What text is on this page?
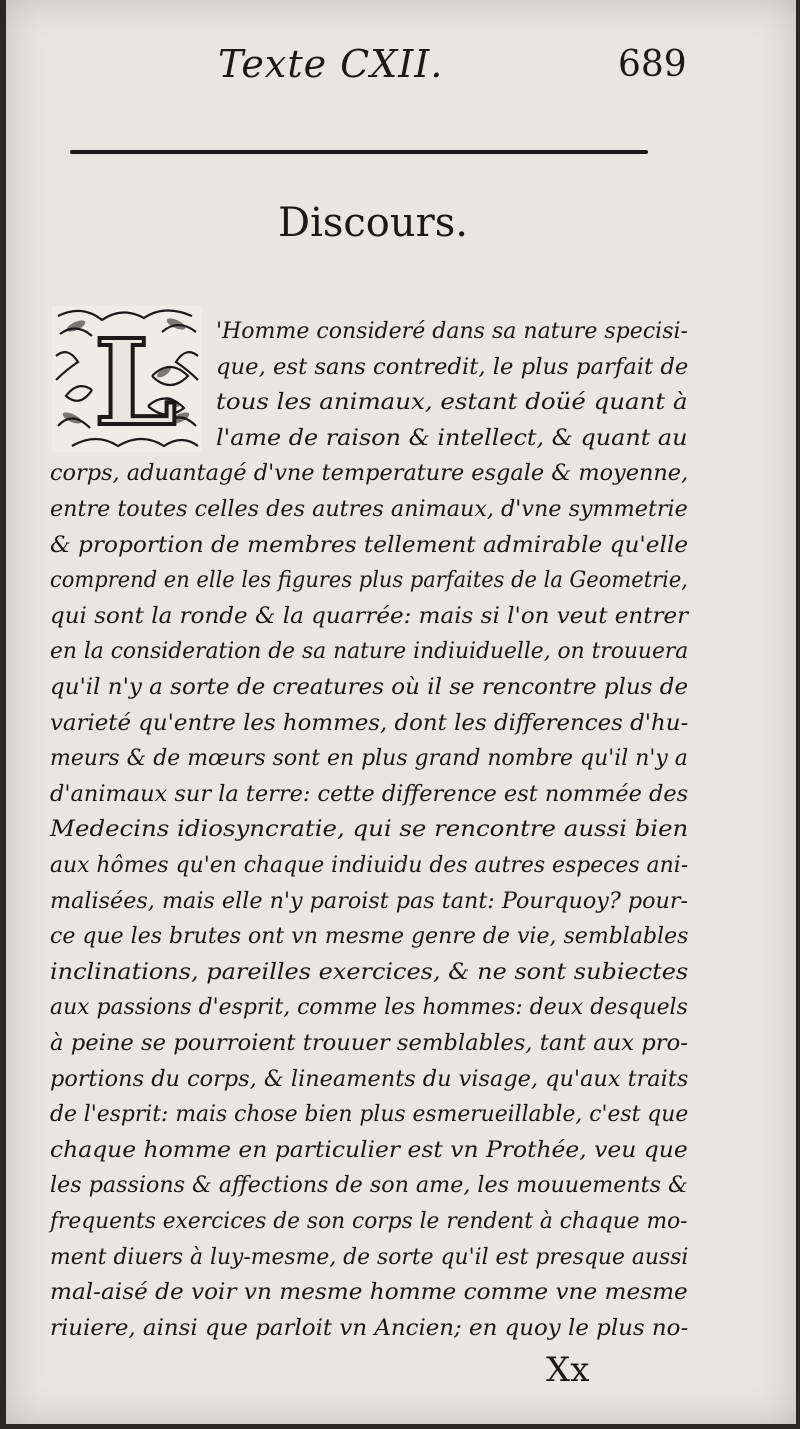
Texte CXII.	689
Discours.
L 'Homme consideré dans sa nature specisi-
que, est sans contredit, le plus parfait de
tous les animaux, estant doüé quant à
l'ame de raison & intellect, & quant au
corps, aduantagé d'vne temperature esgale & moyenne,
entre toutes celles des autres animaux, d'vne symmetrie
& proportion de membres tellement admirable qu'elle
comprend en elle les figures plus parfaites de la Geometrie,
qui sont la ronde & la quarrée: mais si l'on veut entrer
en la consideration de sa nature indiuiduelle, on trouuera
qu'il n'y a sorte de creatures où il se rencontre plus de
varieté qu'entre les hommes, dont les differences d'hu-
meurs & de mœurs sont en plus grand nombre qu'il n'y a
d'animaux sur la terre: cette difference est nommée des
Medecins idiosyncratie, qui se rencontre aussi bien
aux hômes qu'en chaque indiuidu des autres especes ani-
malisées, mais elle n'y paroist pas tant: Pourquoy? pour-
ce que les brutes ont vn mesme genre de vie, semblables
inclinations, pareilles exercices, & ne sont subiectes
aux passions d'esprit, comme les hommes: deux desquels
à peine se pourroient trouuer semblables, tant aux pro-
portions du corps, & lineaments du visage, qu'aux traits
de l'esprit: mais chose bien plus esmerueillable, c'est que
chaque homme en particulier est vn Prothée, veu que
les passions & affections de son ame, les mouuements &
frequents exercices de son corps le rendent à chaque mo-
ment diuers à luy-mesme, de sorte qu'il est presque aussi
mal-aisé de voir vn mesme homme comme vne mesme
riuiere, ainsi que parloit vn Ancien; en quoy le plus no-
Xx
